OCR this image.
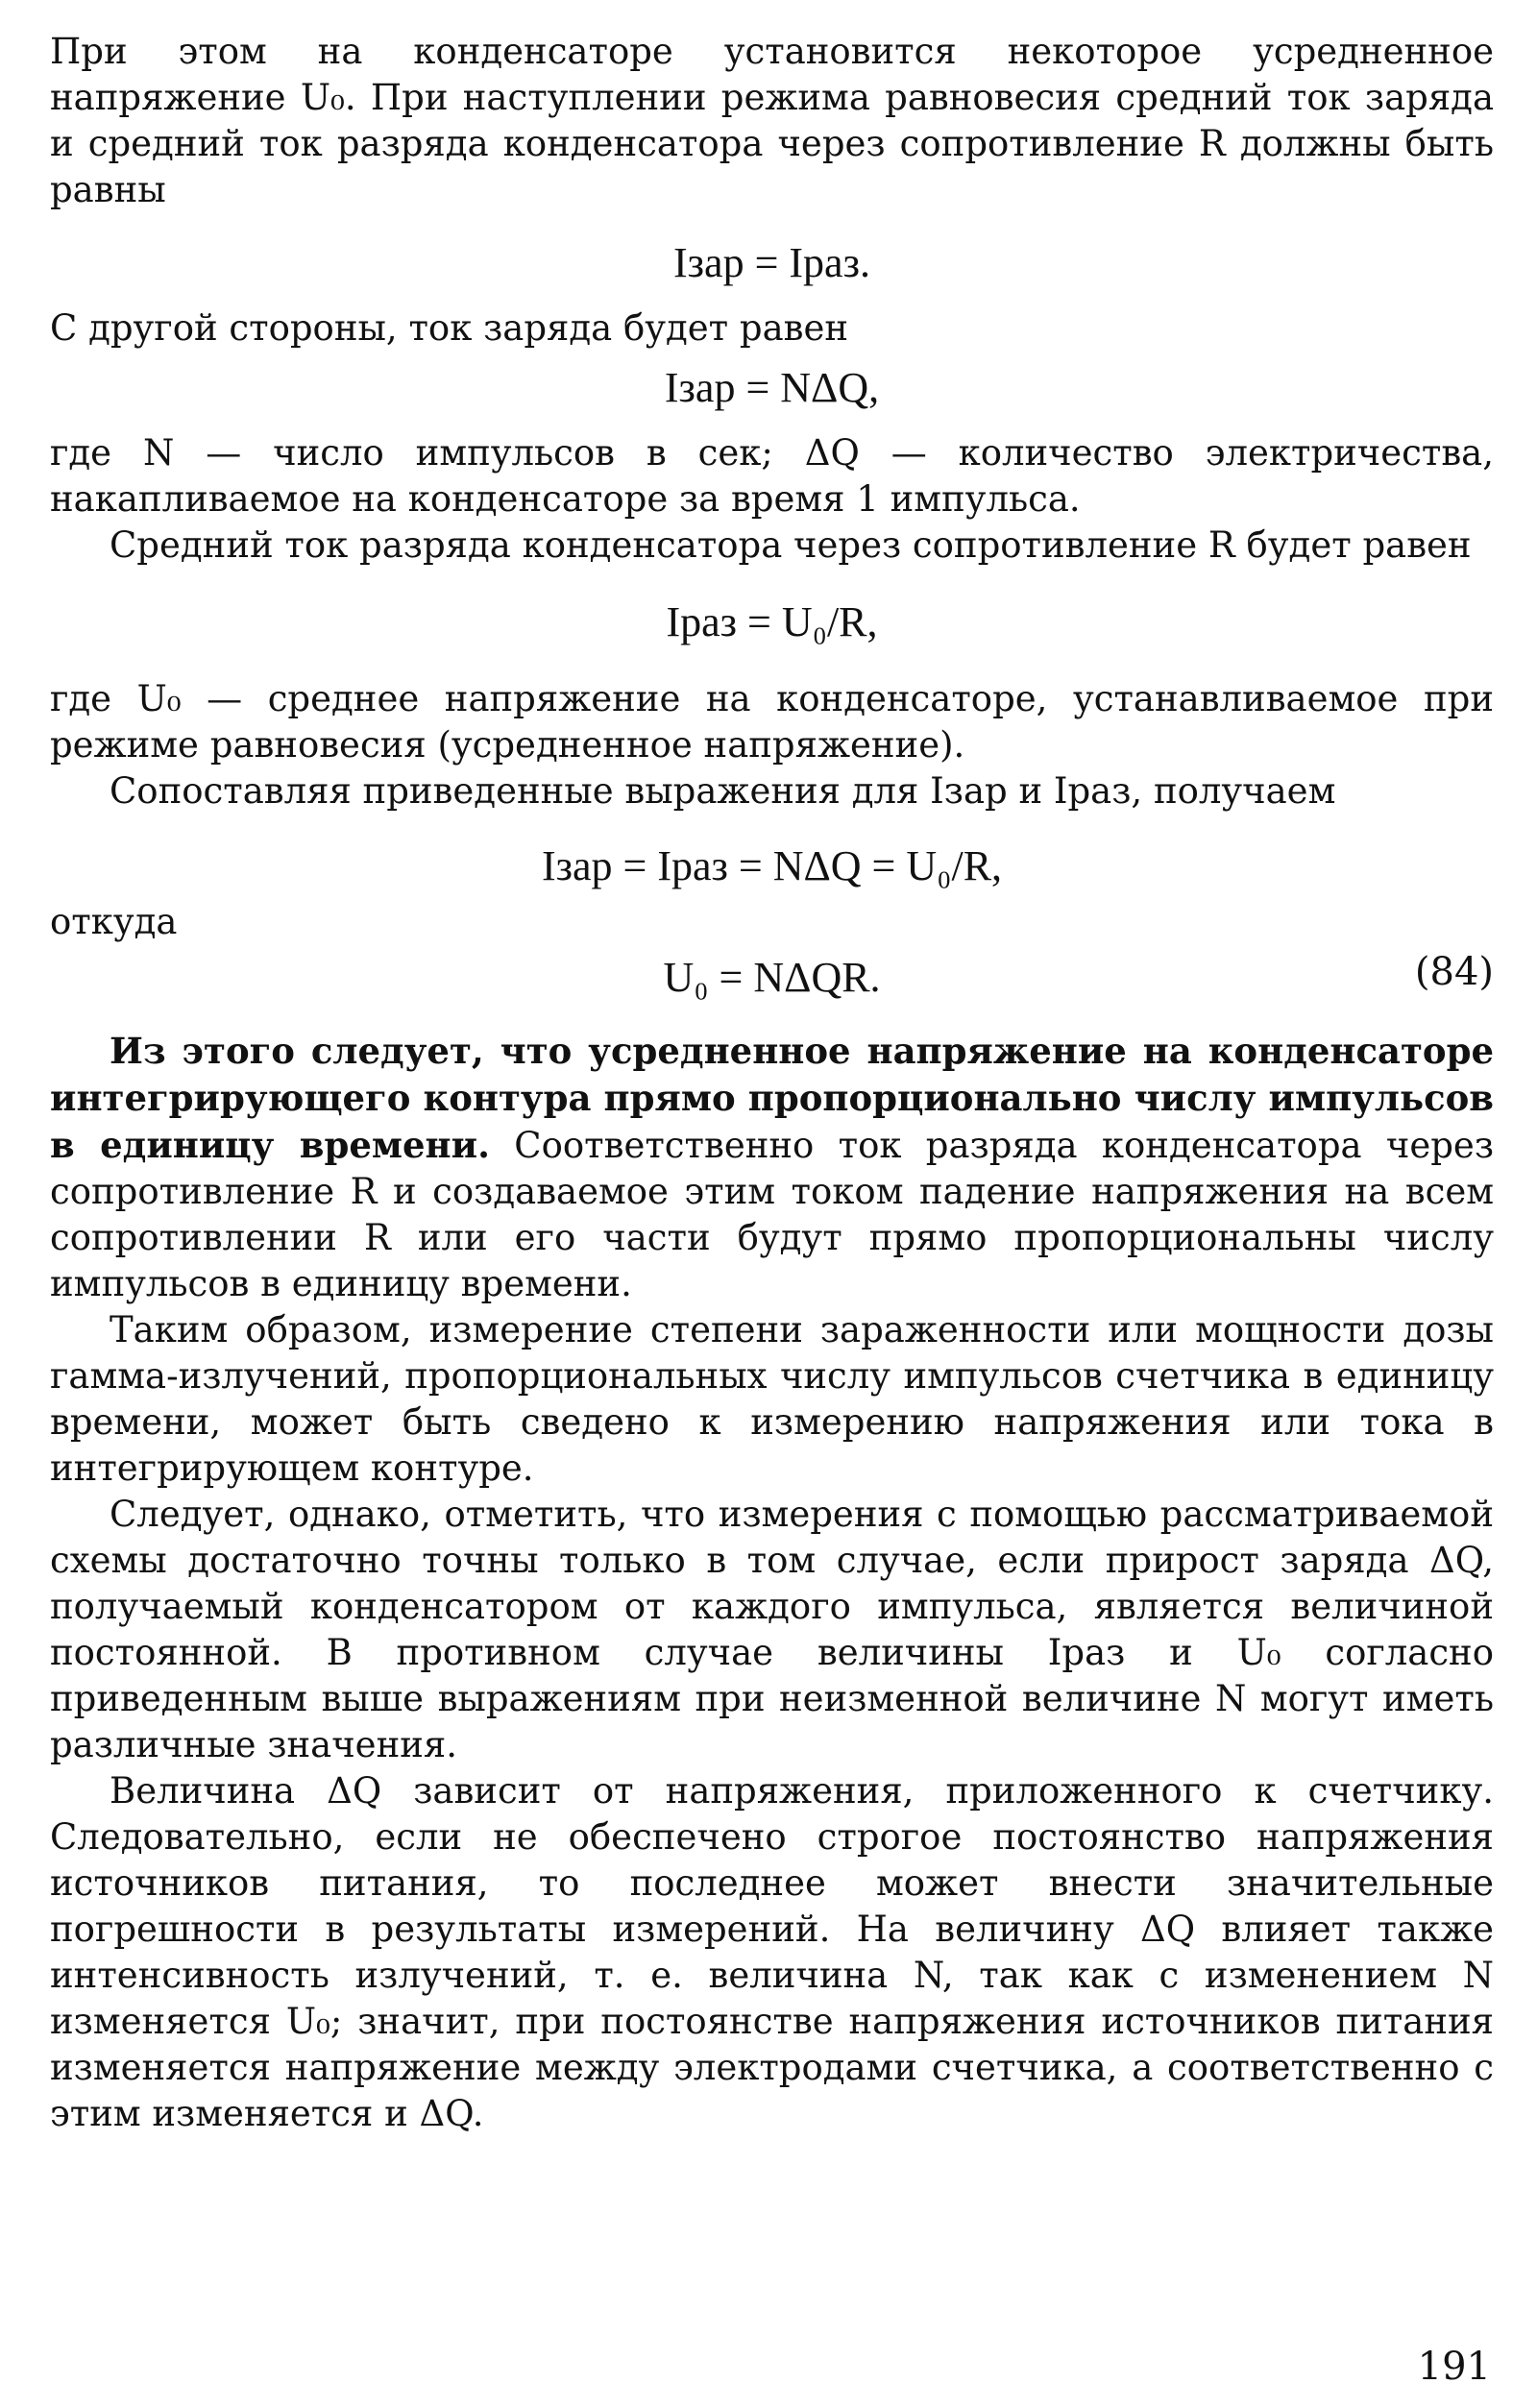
При этом на конденсаторе установится некоторое усредненное напряжение U₀. При наступлении режима равновесия средний ток заряда и средний ток разряда конденсатора через сопротивление R должны быть равны

Iзар = Iраз.

С другой стороны, ток заряда будет равен

Iзар = NΔQ,

где N — число импульсов в сек; ΔQ — количество электричества, накапливаемое на конденсаторе за время 1 импульса.

Средний ток разряда конденсатора через сопротивление R будет равен

Iраз = U₀/R,

где U₀ — среднее напряжение на конденсаторе, устанавливаемое при режиме равновесия (усредненное напряжение).

Сопоставляя приведенные выражения для Iзар и Iраз, получаем

Iзар = Iраз = NΔQ = U₀/R,

откуда

U₀ = NΔQR.	(84)

Из этого следует, что усредненное напряжение на конденсаторе интегрирующего контура прямо пропорционально числу импульсов в единицу времени. Соответственно ток разряда конденсатора через сопротивление R и создаваемое этим током падение напряжения на всем сопротивлении R или его части будут прямо пропорциональны числу импульсов в единицу времени.

Таким образом, измерение степени зараженности или мощности дозы гамма-излучений, пропорциональных числу импульсов счетчика в единицу времени, может быть сведено к измерению напряжения или тока в интегрирующем контуре.

Следует, однако, отметить, что измерения с помощью рассматриваемой схемы достаточно точны только в том случае, если прирост заряда ΔQ, получаемый конденсатором от каждого импульса, является величиной постоянной. В противном случае величины Iраз и U₀ согласно приведенным выше выражениям при неизменной величине N могут иметь различные значения.

Величина ΔQ зависит от напряжения, приложенного к счетчику. Следовательно, если не обеспечено строгое постоянство напряжения источников питания, то последнее может внести значительные погрешности в результаты измерений. На величину ΔQ влияет также интенсивность излучений, т. е. величина N, так как с изменением N изменяется U₀; значит, при постоянстве напряжения источников питания изменяется напряжение между электродами счетчика, а соответственно с этим изменяется и ΔQ.

191
